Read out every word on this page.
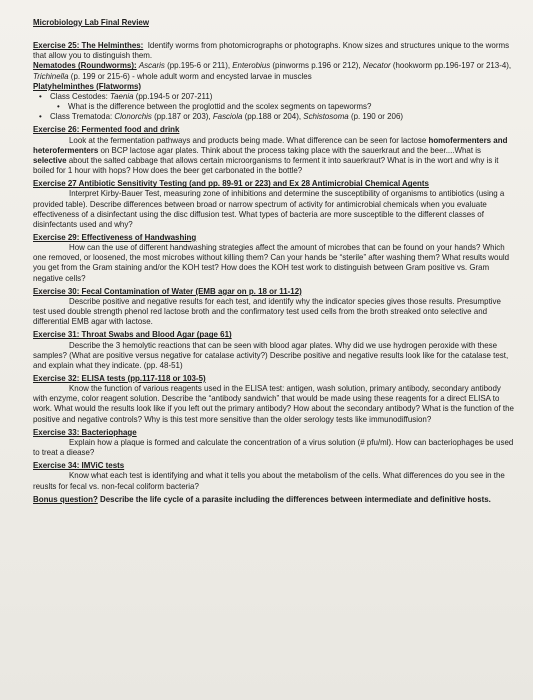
Microbiology Lab Final Review

Exercise 25: The Helminthes: Identify worms from photomicrographs or photographs. Know sizes and structures unique to the worms that allow you to distinguish them.

Nematodes (Roundworms): Ascaris (pp.195-6 or 211), Enterobius (pinworms p.196 or 212), Necator (hookworm pp.196-197 or 213-4), Trichinella (p. 199 or 215-6) - whole adult worm and encysted larvae in muscles

Platyhelminthes (Flatworms)

• Class Cestodes: Taenia (pp.194-5 or 207-211)
• What is the difference between the proglottid and the scolex segments on tapeworms?
• Class Trematoda: Clonorchis (pp.187 or 203), Fasciola (pp.188 or 204), Schistosoma (p. 190 or 206)
Exercise 26: Fermented food and drink

Look at the fermentation pathways and products being made. What difference can be seen for lactose homofermenters and heterofermenters on BCP lactose agar plates. Think about the process taking place with the sauerkraut and the beer....What is selective about the salted cabbage that allows certain microorganisms to ferment it into sauerkraut? What is in the wort and why is it boiled for 1 hour with hops? How does the beer get carbonated in the bottle?

Exercise 27 Antibiotic Sensitivity Testing (and pp. 89-91 or 223) and Ex 28 Antimicrobial Chemical Agents

Interpret Kirby-Bauer Test, measuring zone of inhibitions and determine the susceptibility of organisms to antibiotics (using a provided table). Describe differences between broad or narrow spectrum of activity for antimicrobial chemicals when you evaluate effectiveness of a disinfectant using the disc diffusion test. What types of bacteria are more susceptible to the different classes of disinfectants used and why?

Exercise 29: Effectiveness of Handwashing

How can the use of different handwashing strategies affect the amount of microbes that can be found on your hands? Which one removed, or loosened, the most microbes without killing them? Can your hands be “sterile” after washing them? What results would you get from the Gram staining and/or the KOH test? How does the KOH test work to distinguish between Gram positive vs. Gram negative cells?

Exercise 30: Fecal Contamination of Water (EMB agar on p. 18 or 11-12)

Describe positive and negative results for each test, and identify why the indicator species gives those results. Presumptive test used double strength phenol red lactose broth and the confirmatory test used cells from the broth streaked onto selective and differential EMB agar with lactose.

Exercise 31: Throat Swabs and Blood Agar (page 61)

Describe the 3 hemolytic reactions that can be seen with blood agar plates. Why did we use hydrogen peroxide with these samples? (What are positive versus negative for catalase activity?) Describe positive and negative results look like for the catalase test, and explain what they indicate. (pp. 48-51)

Exercise 32: ELISA tests (pp.117-118 or 103-5)

Know the function of various reagents used in the ELISA test: antigen, wash solution, primary antibody, secondary antibody with enzyme, color reagent solution. Describe the “antibody sandwich” that would be made using these reagents for a direct ELISA to work. What would the results look like if you left out the primary antibody? How about the secondary antibody? What is the function of the positive and negative controls? Why is this test more sensitive than the older serology tests like immunodiffusion?

Exercise 33: Bacteriophage

Explain how a plaque is formed and calculate the concentration of a virus solution (# pfu/ml). How can bacteriophages be used to treat a diease?

Exercise 34: IMViC tests

Know what each test is identifying and what it tells you about the metabolism of the cells. What differences do you see in the reuslts for fecal vs. non-fecal coliform bacteria?

Bonus question? Describe the life cycle of a parasite including the differences between intermediate and definitive hosts.
